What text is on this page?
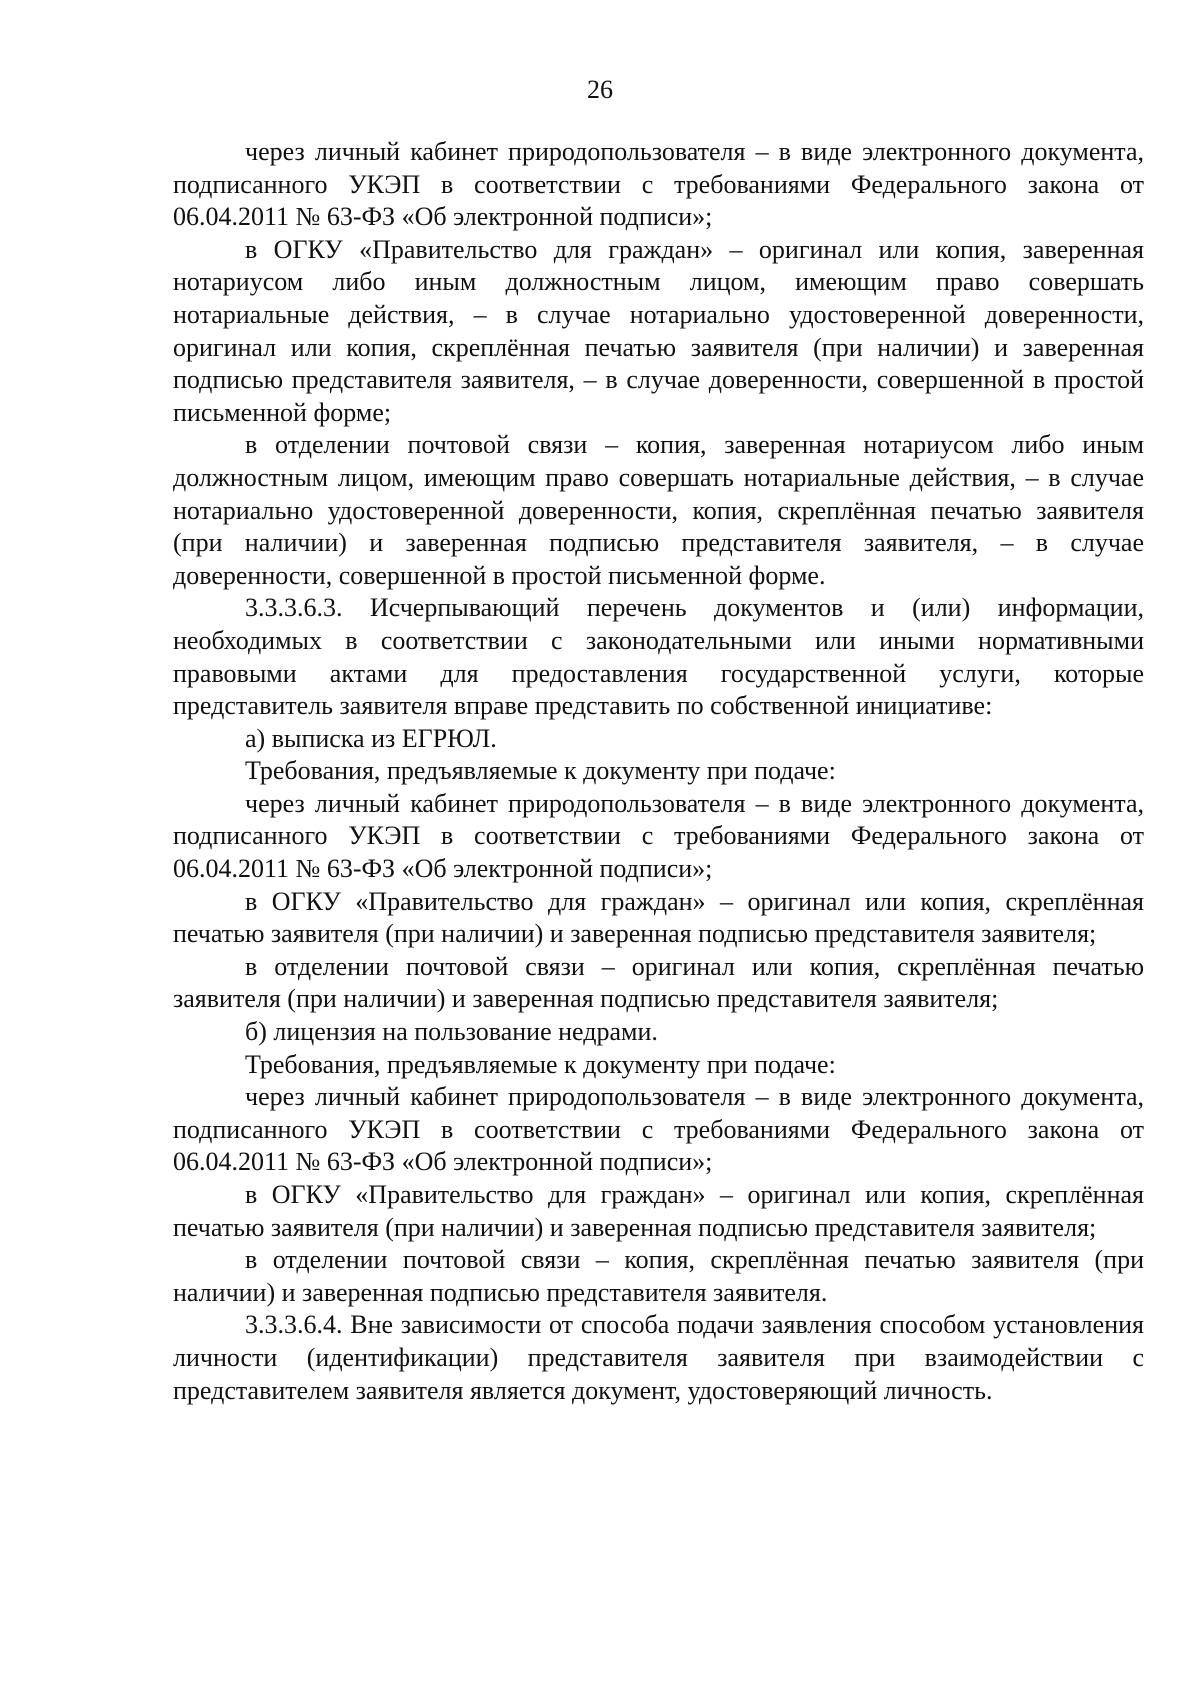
26

через личный кабинет природопользователя – в виде электронного документа, подписанного УКЭП в соответствии с требованиями Федерального закона от 06.04.2011 № 63-ФЗ «Об электронной подписи»;

в ОГКУ «Правительство для граждан» – оригинал или копия, заверенная нотариусом либо иным должностным лицом, имеющим право совершать нотариальные действия, – в случае нотариально удостоверенной доверенности, оригинал или копия, скреплённая печатью заявителя (при наличии) и заверенная подписью представителя заявителя, – в случае доверенности, совершенной в простой письменной форме;

в отделении почтовой связи – копия, заверенная нотариусом либо иным должностным лицом, имеющим право совершать нотариальные действия, – в случае нотариально удостоверенной доверенности, копия, скреплённая печатью заявителя (при наличии) и заверенная подписью представителя заявителя, – в случае доверенности, совершенной в простой письменной форме.

3.3.3.6.3. Исчерпывающий перечень документов и (или) информации, необходимых в соответствии с законодательными или иными нормативными правовыми актами для предоставления государственной услуги, которые представитель заявителя вправе представить по собственной инициативе:

а) выписка из ЕГРЮЛ.

Требования, предъявляемые к документу при подаче:

через личный кабинет природопользователя – в виде электронного документа, подписанного УКЭП в соответствии с требованиями Федерального закона от 06.04.2011 № 63-ФЗ «Об электронной подписи»;

в ОГКУ «Правительство для граждан» – оригинал или копия, скреплённая печатью заявителя (при наличии) и заверенная подписью представителя заявителя;

в отделении почтовой связи – оригинал или копия, скреплённая печатью заявителя (при наличии) и заверенная подписью представителя заявителя;

б) лицензия на пользование недрами.

Требования, предъявляемые к документу при подаче:

через личный кабинет природопользователя – в виде электронного документа, подписанного УКЭП в соответствии с требованиями Федерального закона от 06.04.2011 № 63-ФЗ «Об электронной подписи»;

в ОГКУ «Правительство для граждан» – оригинал или копия, скреплённая печатью заявителя (при наличии) и заверенная подписью представителя заявителя;

в отделении почтовой связи – копия, скреплённая печатью заявителя (при наличии) и заверенная подписью представителя заявителя.

3.3.3.6.4. Вне зависимости от способа подачи заявления способом установления личности (идентификации) представителя заявителя при взаимодействии с представителем заявителя является документ, удостоверяющий личность.
